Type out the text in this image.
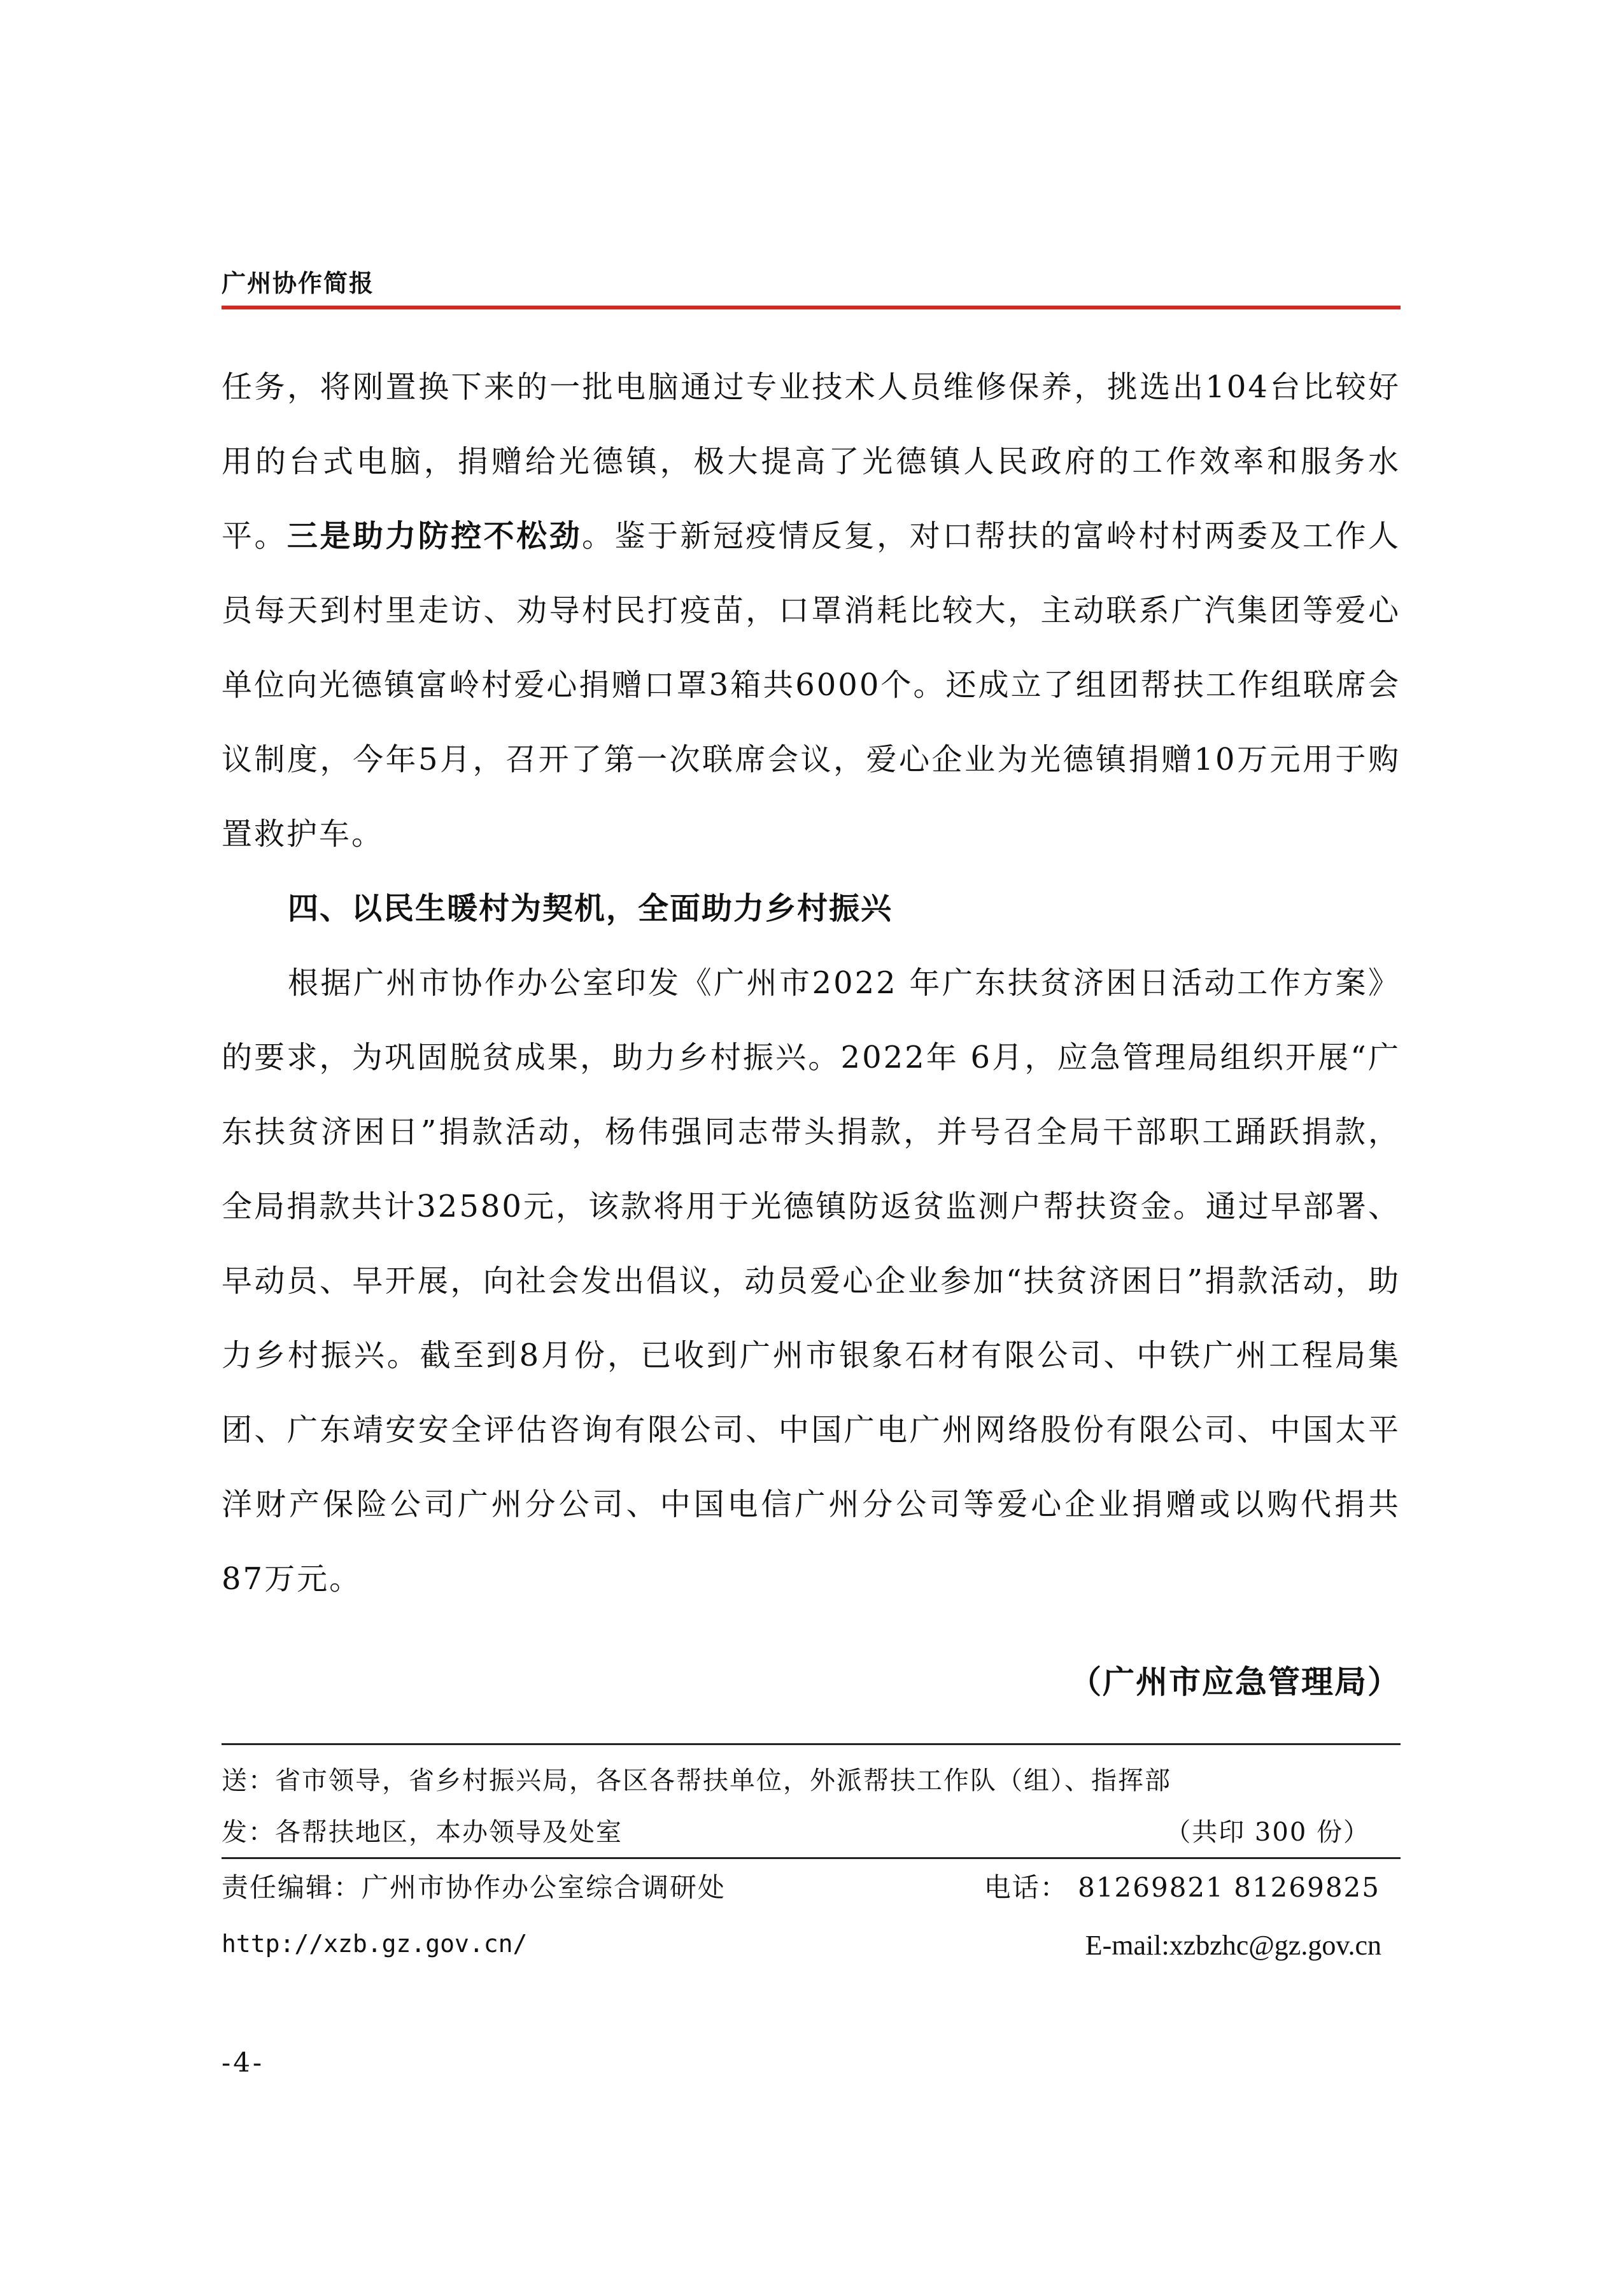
广州协作简报

任务，将刚置换下来的一批电脑通过专业技术人员维修保养，挑选出104台比较好用的台式电脑，捐赠给光德镇，极大提高了光德镇人民政府的工作效率和服务水平。三是助力防控不松劲。鉴于新冠疫情反复，对口帮扶的富岭村村两委及工作人员每天到村里走访、劝导村民打疫苗，口罩消耗比较大，主动联系广汽集团等爱心单位向光德镇富岭村爱心捐赠口罩3箱共6000个。还成立了组团帮扶工作组联席会议制度，今年5月，召开了第一次联席会议，爱心企业为光德镇捐赠10万元用于购置救护车。

四、以民生暖村为契机，全面助力乡村振兴

根据广州市协作办公室印发《广州市2022 年广东扶贫济困日活动工作方案》的要求，为巩固脱贫成果，助力乡村振兴。2022年 6月，应急管理局组织开展“广东扶贫济困日”捐款活动，杨伟强同志带头捐款，并号召全局干部职工踊跃捐款，全局捐款共计32580元，该款将用于光德镇防返贫监测户帮扶资金。通过早部署、早动员、早开展，向社会发出倡议，动员爱心企业参加“扶贫济困日”捐款活动，助力乡村振兴。截至到8月份，已收到广州市银象石材有限公司、中铁广州工程局集团、广东靖安安全评估咨询有限公司、中国广电广州网络股份有限公司、中国太平洋财产保险公司广州分公司、中国电信广州分公司等爱心企业捐赠或以购代捐共87万元。

（广州市应急管理局）
送：省市领导，省乡村振兴局，各区各帮扶单位，外派帮扶工作队（组）、指挥部
发：各帮扶地区，本办领导及处室	（共印 300 份）
责任编辑：广州市协作办公室综合调研处	电话： 81269821 81269825
http://xzb.gz.gov.cn/	E-mail:xzbzhc@gz.gov.cn
-4-
